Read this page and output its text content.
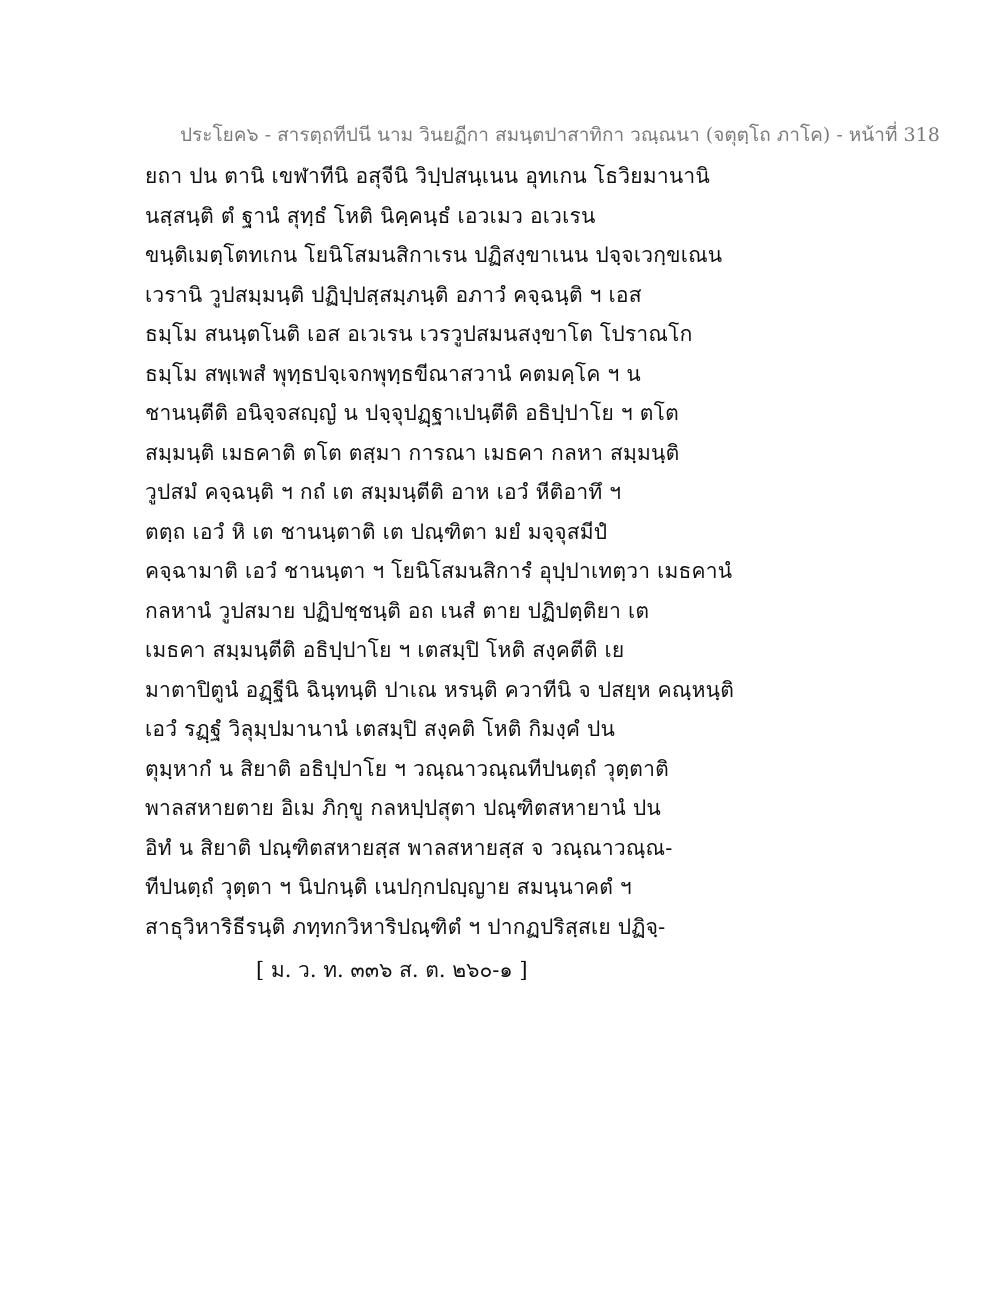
ประโยค๖ - สารตฺถทีปนี นาม วินยฏีกา สมนฺตปาสาทิกา วณฺณนา (จตุตฺโถ ภาโค) - หน้าที่ 318
ยถา ปน ตานิ เขฬาทีนิ อสุจีนิ วิปฺปสนฺเนน อุทเกน โธวิยมานานิ
นสฺสนฺติ ตํ ฐานํ สุทฺธํ โหติ นิคฺคนฺธํ เอวเมว อเวเรน
ขนฺติเมตฺโตทเกน โยนิโสมนสิกาเรน ปฏิสงฺขาเนน ปจฺจเวกฺขเณน
เวรานิ วูปสมฺมนฺติ ปฏิปฺปสฺสมฺภนฺติ อภาวํ คจฺฉนฺติ ฯ เอส
ธมฺโม สนนฺตโนติ เอส อเวเรน เวรวูปสมนสงฺขาโต โปราณโก
ธมฺโม สพฺเพสํ พุทฺธปจฺเจกพุทฺธขีณาสวานํ คตมคฺโค ฯ น
ชานนฺตีติ อนิจฺจสญฺญํ น ปจฺจุปฏฺฐาเปนฺตีติ อธิปฺปาโย ฯ ตโต
สมฺมนฺติ เมธคาติ ตโต ตสฺมา การณา เมธคา กลหา สมฺมนฺติ
วูปสมํ คจฺฉนฺติ ฯ กถํ เต สมฺมนฺตีติ อาห เอวํ หีติอาทึ ฯ
ตตฺถ เอวํ หิ เต ชานนฺตาติ เต ปณฺฑิตา มยํ มจฺจุสมีปํ
คจฺฉามาติ เอวํ ชานนฺตา ฯ โยนิโสมนสิการํ อุปฺปาเทตฺวา เมธคานํ
กลหานํ วูปสมาย ปฏิปชฺชนฺติ อถ เนสํ ตาย ปฏิปตฺติยา เต
เมธคา สมฺมนฺตีติ อธิปฺปาโย ฯ เตสมฺปิ โหติ สงฺคตีติ เย
มาตาปิตูนํ อฏฺฐีนิ ฉินฺทนฺติ ปาเณ หรนฺติ ควาทีนิ จ ปสยฺห คณฺหนฺติ
เอวํ รฏฺฐํ วิลุมฺปมานานํ เตสมฺปิ สงฺคติ โหติ กิมงฺคํ ปน
ตุมฺหากํ น สิยาติ อธิปฺปาโย ฯ วณฺณาวณฺณทีปนตฺถํ วุตฺตาติ
พาลสหายตาย อิเม ภิกฺขู กลหปฺปสุตา ปณฺฑิตสหายานํ ปน
อิทํ น สิยาติ ปณฺฑิตสหายสฺส พาลสหายสฺส จ วณฺณาวณฺณ-
ทีปนตฺถํ วุตฺตา ฯ นิปกนฺติ เนปกฺกปญฺญาย สมนฺนาคตํ ฯ
สาธุวิหาริธีรนฺติ ภทฺทกวิหาริปณฺฑิตํ ฯ ปากฏปริสฺสเย ปฏิจฺ-
[ ม. ว. ท. ๓๓๖ ส. ต. ๒๖๐-๑ ]
